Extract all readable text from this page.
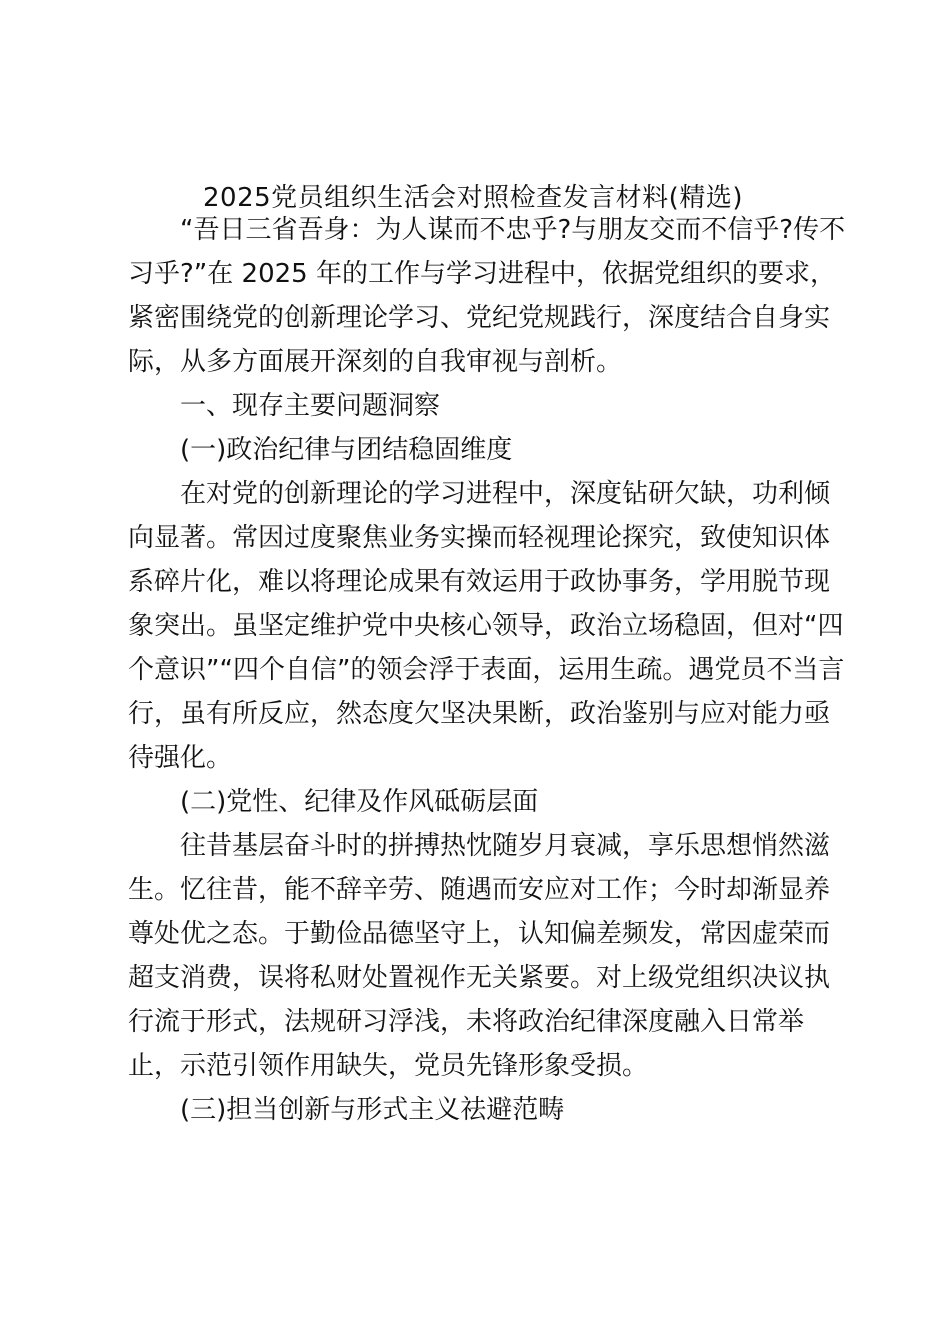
2025党员组织生活会对照检查发言材料(精选)
“吾日三省吾身：为人谋而不忠乎?与朋友交而不信乎?传不
习乎?”在 2025 年的工作与学习进程中，依据党组织的要求，
紧密围绕党的创新理论学习、党纪党规践行，深度结合自身实
际，从多方面展开深刻的自我审视与剖析。
一、现存主要问题洞察
(一)政治纪律与团结稳固维度
在对党的创新理论的学习进程中，深度钻研欠缺，功利倾
向显著。常因过度聚焦业务实操而轻视理论探究，致使知识体
系碎片化，难以将理论成果有效运用于政协事务，学用脱节现
象突出。虽坚定维护党中央核心领导，政治立场稳固，但对“四
个意识”“四个自信”的领会浮于表面，运用生疏。遇党员不当言
行，虽有所反应，然态度欠坚决果断，政治鉴别与应对能力亟
待强化。
(二)党性、纪律及作风砥砺层面
往昔基层奋斗时的拼搏热忱随岁月衰减，享乐思想悄然滋
生。忆往昔，能不辞辛劳、随遇而安应对工作；今时却渐显养
尊处优之态。于勤俭品德坚守上，认知偏差频发，常因虚荣而
超支消费，误将私财处置视作无关紧要。对上级党组织决议执
行流于形式，法规研习浮浅，未将政治纪律深度融入日常举
止，示范引领作用缺失，党员先锋形象受损。
(三)担当创新与形式主义祛避范畴
